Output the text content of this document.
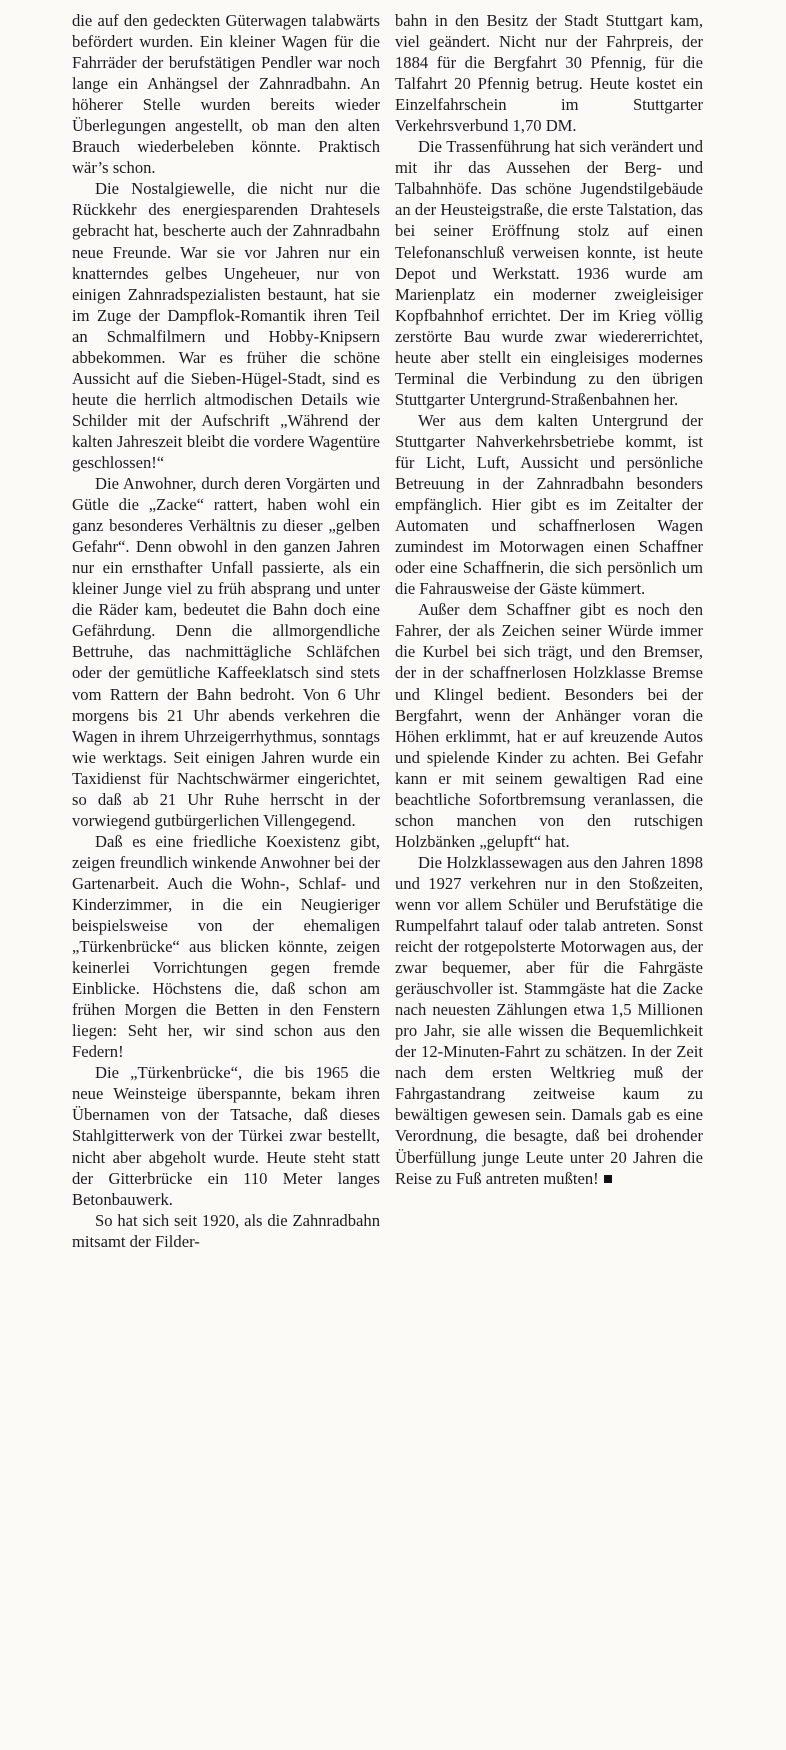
die auf den gedeckten Güterwagen talabwärts befördert wurden. Ein kleiner Wagen für die Fahrräder der berufstätigen Pendler war noch lange ein Anhängsel der Zahnradbahn. An höherer Stelle wurden bereits wieder Überlegungen angestellt, ob man den alten Brauch wiederbeleben könnte. Praktisch wär’s schon.

Die Nostalgiewelle, die nicht nur die Rückkehr des energiesparenden Drahtesels gebracht hat, bescherte auch der Zahnradbahn neue Freunde. War sie vor Jahren nur ein knatterndes gelbes Ungeheuer, nur von einigen Zahnradspezialisten bestaunt, hat sie im Zuge der Dampflok-Romantik ihren Teil an Schmalfilmern und Hobby-Knipsern abbekommen. War es früher die schöne Aussicht auf die Sieben-Hügel-Stadt, sind es heute die herrlich altmodischen Details wie Schilder mit der Aufschrift „Während der kalten Jahreszeit bleibt die vordere Wagentüre geschlossen!“

Die Anwohner, durch deren Vorgärten und Gütle die „Zacke“ rattert, haben wohl ein ganz besonderes Verhältnis zu dieser „gelben Gefahr“. Denn obwohl in den ganzen Jahren nur ein ernsthafter Unfall passierte, als ein kleiner Junge viel zu früh absprang und unter die Räder kam, bedeutet die Bahn doch eine Gefährdung. Denn die allmorgendliche Bettruhe, das nachmittägliche Schläfchen oder der gemütliche Kaffeeklatsch sind stets vom Rattern der Bahn bedroht. Von 6 Uhr morgens bis 21 Uhr abends verkehren die Wagen in ihrem Uhrzeigerrhythmus, sonntags wie werktags. Seit einigen Jahren wurde ein Taxidienst für Nachtschwärmer eingerichtet, so daß ab 21 Uhr Ruhe herrscht in der vorwiegend gutbürgerlichen Villengegend.

Daß es eine friedliche Koexistenz gibt, zeigen freundlich winkende Anwohner bei der Gartenarbeit. Auch die Wohn-, Schlaf- und Kinderzimmer, in die ein Neugieriger beispielsweise von der ehemaligen „Türkenbrücke“ aus blicken könnte, zeigen keinerlei Vorrichtungen gegen fremde Einblicke. Höchstens die, daß schon am frühen Morgen die Betten in den Fenstern liegen: Seht her, wir sind schon aus den Federn!

Die „Türkenbrücke“, die bis 1965 die neue Weinsteige überspannte, bekam ihren Übernamen von der Tatsache, daß dieses Stahlgitterwerk von der Türkei zwar bestellt, nicht aber abgeholt wurde. Heute steht statt der Gitterbrücke ein 110 Meter langes Betonbauwerk.

So hat sich seit 1920, als die Zahnradbahn mitsamt der Filder-

bahn in den Besitz der Stadt Stuttgart kam, viel geändert. Nicht nur der Fahrpreis, der 1884 für die Bergfahrt 30 Pfennig, für die Talfahrt 20 Pfennig betrug. Heute kostet ein Einzelfahrschein im Stuttgarter Verkehrsverbund 1,70 DM.

Die Trassenführung hat sich verändert und mit ihr das Aussehen der Berg- und Talbahnhöfe. Das schöne Jugendstilgebäude an der Heusteigstraße, die erste Talstation, das bei seiner Eröffnung stolz auf einen Telefonanschluß verweisen konnte, ist heute Depot und Werkstatt. 1936 wurde am Marienplatz ein moderner zweigleisiger Kopfbahnhof errichtet. Der im Krieg völlig zerstörte Bau wurde zwar wiedererrichtet, heute aber stellt ein eingleisiges modernes Terminal die Verbindung zu den übrigen Stuttgarter Untergrund-Straßenbahnen her.

Wer aus dem kalten Untergrund der Stuttgarter Nahverkehrsbetriebe kommt, ist für Licht, Luft, Aussicht und persönliche Betreuung in der Zahnradbahn besonders empfänglich. Hier gibt es im Zeitalter der Automaten und schaffnerlosen Wagen zumindest im Motorwagen einen Schaffner oder eine Schaffnerin, die sich persönlich um die Fahrausweise der Gäste kümmert.

Außer dem Schaffner gibt es noch den Fahrer, der als Zeichen seiner Würde immer die Kurbel bei sich trägt, und den Bremser, der in der schaffnerlosen Holzklasse Bremse und Klingel bedient. Besonders bei der Bergfahrt, wenn der Anhänger voran die Höhen erklimmt, hat er auf kreuzende Autos und spielende Kinder zu achten. Bei Gefahr kann er mit seinem gewaltigen Rad eine beachtliche Sofortbremsung veranlassen, die schon manchen von den rutschigen Holzbänken „gelupft“ hat.

Die Holzklassewagen aus den Jahren 1898 und 1927 verkehren nur in den Stoßzeiten, wenn vor allem Schüler und Berufstätige die Rumpelfahrt talauf oder talab antreten. Sonst reicht der rotgepolsterte Motorwagen aus, der zwar bequemer, aber für die Fahrgäste geräuschvoller ist. Stammgäste hat die Zacke nach neuesten Zählungen etwa 1,5 Millionen pro Jahr, sie alle wissen die Bequemlichkeit der 12-Minuten-Fahrt zu schätzen. In der Zeit nach dem ersten Weltkrieg muß der Fahrgastandrang zeitweise kaum zu bewältigen gewesen sein. Damals gab es eine Verordnung, die besagte, daß bei drohender Überfüllung junge Leute unter 20 Jahren die Reise zu Fuß antreten mußten!
